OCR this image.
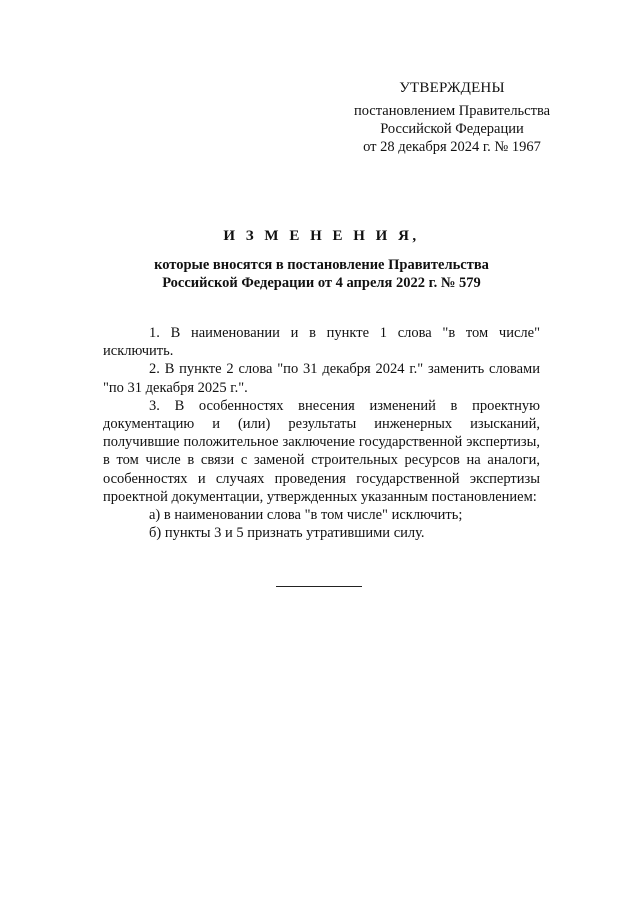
УТВЕРЖДЕНЫ
постановлением Правительства
Российской Федерации
от 28 декабря 2024 г. № 1967
И З М Е Н Е Н И Я,
которые вносятся в постановление Правительства
Российской Федерации от 4 апреля 2022 г. № 579

1. В наименовании и в пункте 1 слова "в том числе" исключить.

2. В пункте 2 слова "по 31 декабря 2024 г." заменить словами "по 31 декабря 2025 г.".

3. В особенностях внесения изменений в проектную документацию и (или) результаты инженерных изысканий, получившие положительное заключение государственной экспертизы, в том числе в связи с заменой строительных ресурсов на аналоги, особенностях и случаях проведения государственной экспертизы проектной документации, утвержденных указанным постановлением:

а) в наименовании слова "в том числе" исключить;

б) пункты 3 и 5 признать утратившими силу.
